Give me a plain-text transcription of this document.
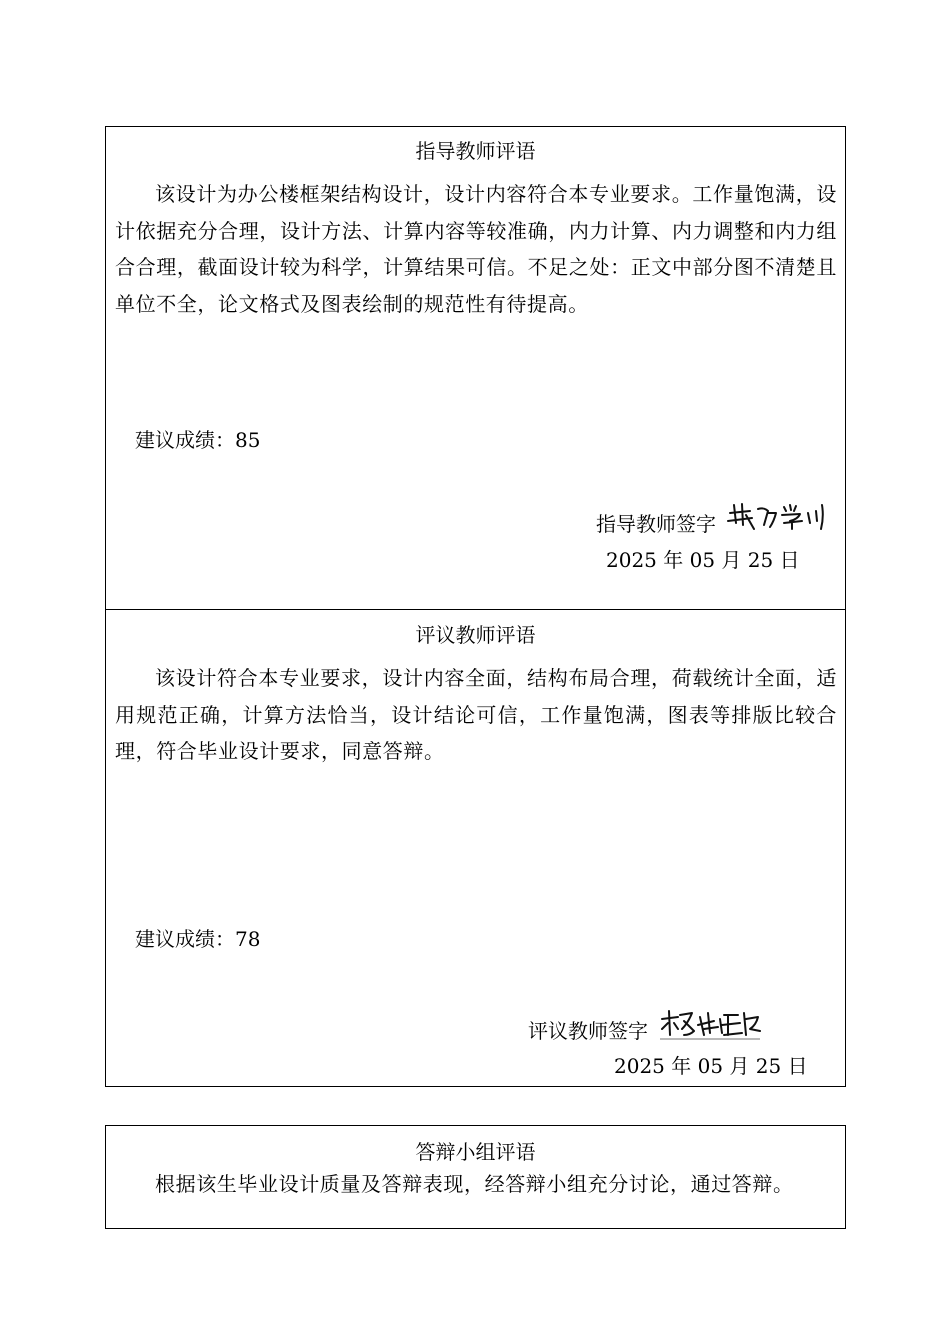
指导教师评语
该设计为办公楼框架结构设计，设计内容符合本专业要求。工作量饱满，设计依据充分合理，设计方法、计算内容等较准确，内力计算、内力调整和内力组合合理，截面设计较为科学，计算结果可信。不足之处：正文中部分图不清楚且单位不全，论文格式及图表绘制的规范性有待提高。
建议成绩：85
指导教师签字
2025 年 05 月 25 日
评议教师评语
该设计符合本专业要求，设计内容全面，结构布局合理，荷载统计全面，适用规范正确，计算方法恰当，设计结论可信，工作量饱满，图表等排版比较合理，符合毕业设计要求，同意答辩。
建议成绩：78
评议教师签字
2025 年 05 月 25 日
答辩小组评语
根据该生毕业设计质量及答辩表现，经答辩小组充分讨论，通过答辩。
